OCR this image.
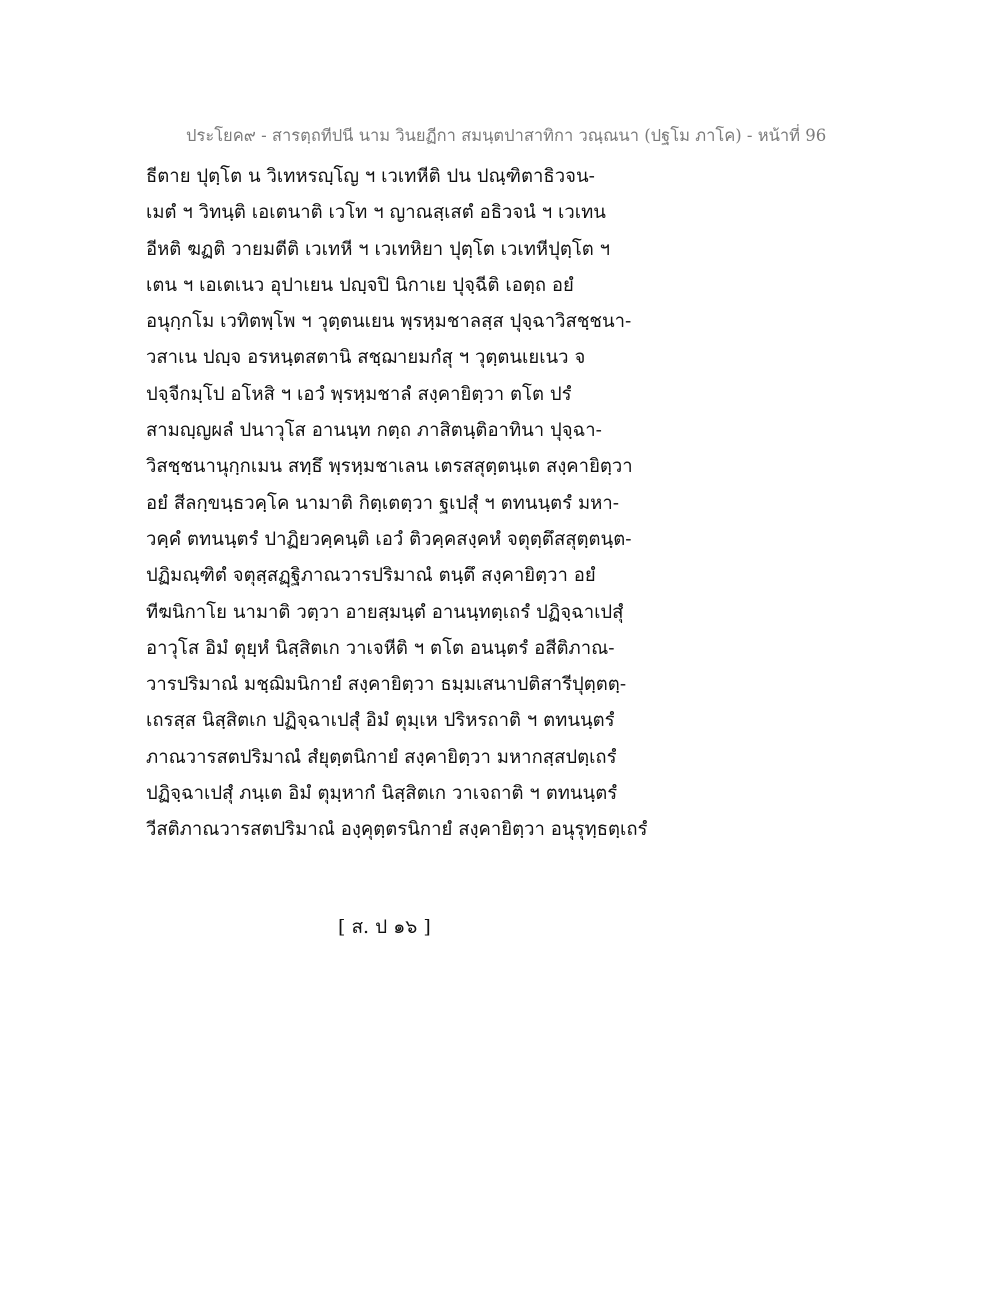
ประโยค๙ - สารตฺถทีปนี นาม วินยฏีกา สมนฺตปาสาทิกา วณฺณนา (ปฐโม ภาโค) - หน้าที่ 96
ธีตาย ปุตฺโต น วิเทหรญฺโญ ฯ เวเทหีติ ปน ปณฺฑิตาธิวจน-
เมตํ ฯ วิทนฺติ เอเตนาติ เวโท ฯ ญาณสฺเสตํ อธิวจนํ ฯ เวเทน
อีหติ ฆฏติ วายมตีติ เวเทหี ฯ เวเทหิยา ปุตฺโต เวเทหีปุตฺโต ฯ
เตน ฯ เอเตเนว อุปาเยน ปญฺจปิ นิกาเย ปุจฺฉีติ เอตฺถ อยํ
อนุกฺกโม เวทิตพฺโพ ฯ วุตฺตนเยน พฺรหฺมชาลสฺส ปุจฺฉาวิสชฺชนา-
วสาเน ปญฺจ อรหนฺตสตานิ สชฺฌายมกํสุ ฯ วุตฺตนเยเนว จ
ปจฺจีกมฺโป อโหสิ ฯ เอวํ พฺรหฺมชาลํ สงฺคายิตฺวา ตโต ปรํ
สามญฺญผลํ ปนาวุโส อานนฺท กตฺถ ภาสิตนฺติอาทินา ปุจฺฉา-
วิสชฺชนานุกฺกเมน สทฺธึ พฺรหฺมชาเลน เตรสสุตฺตนฺเต สงฺคายิตฺวา
อยํ สีลกฺขนฺธวคฺโค นามาติ กิตฺเตตฺวา ฐเปสุํ ฯ ตทนนฺตรํ มหา-
วคฺคํ ตทนนฺตรํ ปาฏิยวคฺคนฺติ เอวํ ติวคฺคสงฺคหํ จตุตฺตึสสุตฺตนฺต-
ปฏิมณฺฑิตํ จตุสฺสฏฺฐิภาณวารปริมาณํ ตนฺตึ สงฺคายิตฺวา อยํ
ทีฆนิกาโย นามาติ วตฺวา อายสฺมนฺตํ อานนฺทตฺเถรํ ปฏิจฺฉาเปสุํ
อาวุโส อิมํ ตุยฺหํ นิสฺสิตเก วาเจหีติ ฯ ตโต อนนฺตรํ อสีติภาณ-
วารปริมาณํ มชฺฌิมนิกายํ สงฺคายิตฺวา ธมฺมเสนาปติสารีปุตฺตตฺ-
เถรสฺส นิสฺสิตเก ปฏิจฺฉาเปสุํ อิมํ ตุมฺเห ปริหรถาติ ฯ ตทนนฺตรํ
ภาณวารสตปริมาณํ สํยุตฺตนิกายํ สงฺคายิตฺวา มหากสฺสปตฺเถรํ
ปฏิจฺฉาเปสุํ ภนฺเต อิมํ ตุมฺหากํ นิสฺสิตเก วาเจถาติ ฯ ตทนนฺตรํ
วีสติภาณวารสตปริมาณํ องฺคุตฺตรนิกายํ สงฺคายิตฺวา อนุรุทฺธตฺเถรํ
[ ส. ป ๑๖ ]
